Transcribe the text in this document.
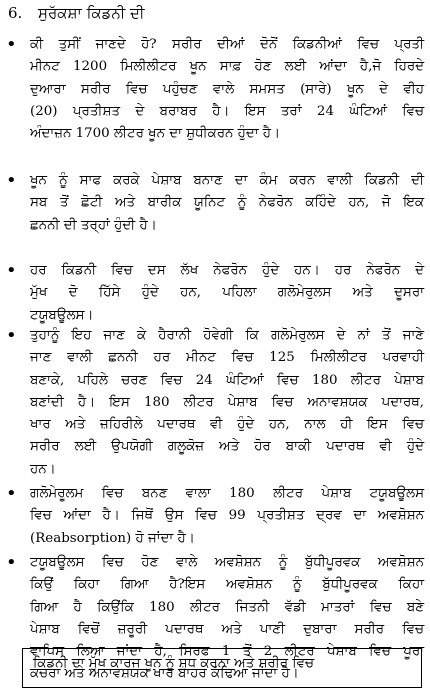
6. ਸੁਰੱਕਸ਼ਾ ਕਿਡਨੀ ਦੀ
• ਕੀ ਤੁਸੀਂ ਜਾਣਦੇ ਹੋ? ਸਰੀਰ ਦੀਆਂ ਦੋਨੋਂ ਕਿਡਨੀਆਂ ਵਿਚ ਪ੍ਰਤੀ
ਮੀਨਟ 1200 ਮਿਲੀਲੀਟਰ ਖੂਨ ਸਾਫ਼ ਹੋਣ ਲਈ ਆਂਦਾ ਹੈ,ਜੋ ਹਿਰਦੇ
ਦੁਆਰਾ ਸਰੀਰ ਵਿਚ ਪਹੁੰਚਣ ਵਾਲੇ ਸਮਸਤ (ਸਾਰੇ) ਖੂਨ ਦੇ ਵੀਹ
(20) ਪ੍ਰਤੀਸ਼ਤ ਦੇ ਬਰਾਬਰ ਹੈ। ਇਸ ਤਰਾਂ 24 ਘੰਟਿਆਂ ਵਿਚ
ਅੰਦਾਜ਼ਨ 1700 ਲੀਟਰ ਖੂਨ ਦਾ ਸ਼ੁਧੀਕਰਨ ਹੁੰਦਾ ਹੈ।
• ਖੂਨ ਨੂੰ ਸਾਫ ਕਰਕੇ ਪੇਸ਼ਾਬ ਬਨਾਣ ਦਾ ਕੰਮ ਕਰਨ ਵਾਲੀ ਕਿਡਨੀ ਦੀ
ਸਬ ਤੋਂ ਛੋਟੀ ਅਤੇ ਬਾਰੀਕ ਯੂਨਿਟ ਨੂੰ ਨੇਫਰੋਨ ਕਹਿੰਦੇ ਹਨ, ਜੋ ਇਕ
ਛਨਨੀ ਦੀ ਤਰ੍ਹਾਂ ਹੁੰਦੀ ਹੈ।
• ਹਰ ਕਿਡਨੀ ਵਿਚ ਦਸ ਲੱਖ ਨੇਫਰੋਨ ਹੁੰਦੇ ਹਨ। ਹਰ ਨੇਫਰੋਨ ਦੇ
ਮੁੱਖ ਦੋ ਹਿੱਸੇ ਹੁੰਦੇ ਹਨ, ਪਹਿਲਾ ਗਲੋਮੇਰੁਲਸ ਅਤੇ ਦੂਸਰਾ
ਟਯੂਬਊਲਸ।
• ਤੁਹਾਨੂੰ ਇਹ ਜਾਣ ਕੇ ਹੈਰਾਨੀ ਹੋਵੇਗੀ ਕਿ ਗਲੋਮੇਰੁਲਸ ਦੇ ਨਾਂ ਤੋਂ ਜਾਣੇ
ਜਾਣ ਵਾਲੀ ਛਨਨੀ ਹਰ ਮੀਨਟ ਵਿਚ 125 ਮਿਲੀਲੀਟਰ ਪਰਵਾਹੀ
ਬਣਾਕੇ, ਪਹਿਲੇ ਚਰਣ ਵਿਚ 24 ਘੰਟਿਆਂ ਵਿਚ 180 ਲੀਟਰ ਪੇਸ਼ਾਬ
ਬਣਾਂਦੀ ਹੈ। ਇਸ 180 ਲੀਟਰ ਪੇਸ਼ਾਬ ਵਿਚ ਅਨਾਵਸ਼ਯਕ ਪਦਾਰਥ,
ਖਾਰ ਅਤੇ ਜ਼ਹਿਰੀਲੇ ਪਦਾਰਥ ਵੀ ਹੁੰਦੇ ਹਨ, ਨਾਲ ਹੀ ਇਸ ਵਿਚ
ਸਰੀਰ ਲਈ ਉਪਯੋਗੀ ਗਲੂਕੋਜ਼ ਅਤੇ ਹੋਰ ਬਾਕੀ ਪਦਾਰਥ ਵੀ ਹੁੰਦੇ
ਹਨ।
• ਗਲੋਮੇਰੂਲਮ ਵਿਚ ਬਨਣ ਵਾਲਾ 180 ਲੀਟਰ ਪੇਸ਼ਾਬ ਟਯੂਬਊਲਸ
ਵਿਚ ਆਂਦਾ ਹੈ। ਜਿਥੋਂ ਉਸ ਵਿਚ 99 ਪ੍ਰਤੀਸ਼ਤ ਦ੍ਰਵ ਦਾ ਅਵਸ਼ੋਸ਼ਨ
(Reabsorption) ਹੋ ਜਾਂਦਾ ਹੈ।
• ਟਯੂਬਊਲਸ ਵਿਚ ਹੋਣ ਵਾਲੇ ਅਵਸ਼ੋਸ਼ਨ ਨੂੰ ਬੁੱਧੀਪੂਰਵਕ ਅਵਸ਼ੋਸ਼ਨ
ਕਿਉਂ ਕਿਹਾ ਗਿਆ ਹੈ?ਇਸ ਅਵਸ਼ੋਸ਼ਨ ਨੂੰ ਬੁੱਧੀਪੂਰਵਕ ਕਿਹਾ
ਗਿਆ ਹੈ ਕਿਉਂਕਿ 180 ਲੀਟਰ ਜਿਤਨੀ ਵੱਡੀ ਮਾਤਰਾਂ ਵਿਚ ਬਣੇ
ਪੇਸ਼ਾਬ ਵਿਚੋਂ ਜ਼ਰੂਰੀ ਪਦਾਰਥ ਅਤੇ ਪਾਣੀ ਦੁਬਾਰਾ ਸਰੀਰ ਵਿਚ
ਵਾਪਿਸ ਲਿਆ ਜਾਂਦਾ ਹੈ, ਸਿਰਫ 1 ਤੋਂ 2 ਲੀਟਰ ਪੇਸ਼ਾਬ ਵਿਚ ਪੂਰਾ
ਕਚਰਾ ਅਤੇ ਅਨਾਵਸ਼ਯਕ ਖਾਰ ਬਾਹਰ ਕੱਢਿਆ ਜਾਂਦਾ ਹੈ।
ਕਿਡਨੀ ਦਾ ਮੁੱਖ ਕਾਰਜ ਖੂਨ ਨੂੰ ਸ਼ੁਧ ਕਰਨਾ ਅਤੇ ਸਰੀਰ ਵਿਚ
